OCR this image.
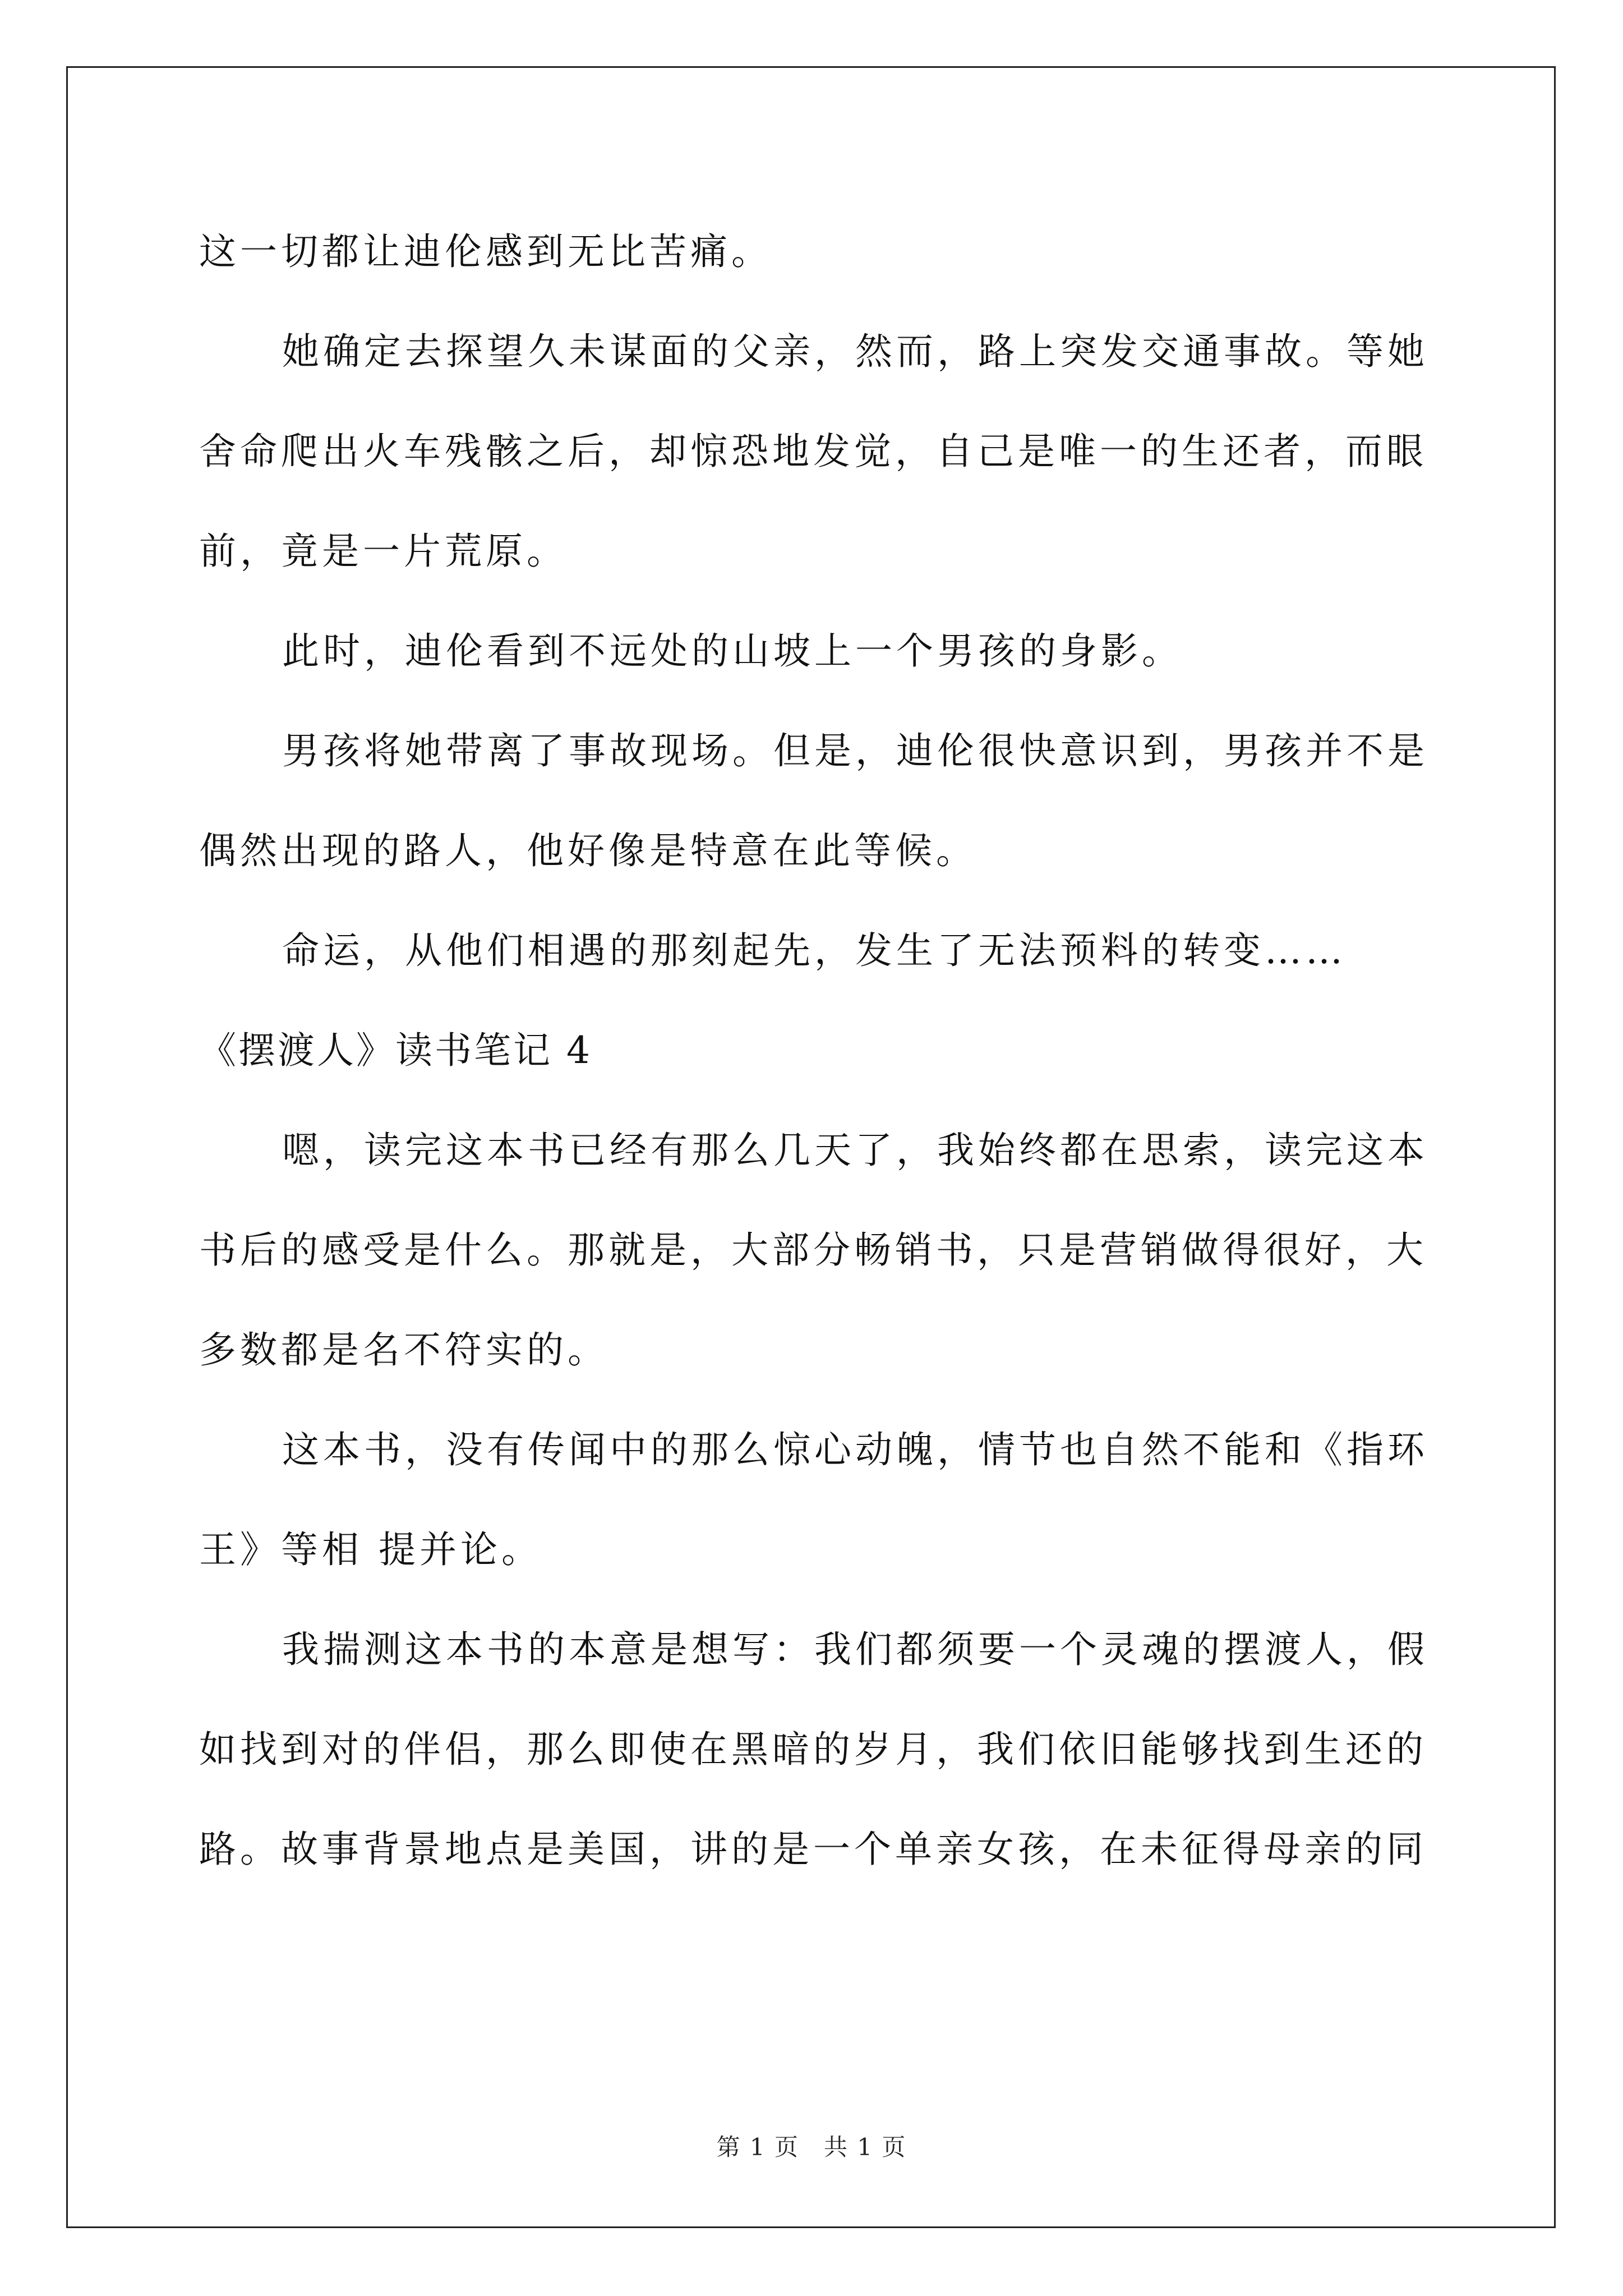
这一切都让迪伦感到无比苦痛。

她确定去探望久未谋面的父亲，然而，路上突发交通事故。等她舍命爬出火车残骸之后，却惊恐地发觉，自己是唯一的生还者，而眼前，竟是一片荒原。

此时，迪伦看到不远处的山坡上一个男孩的身影。

男孩将她带离了事故现场。但是，迪伦很快意识到，男孩并不是偶然出现的路人，他好像是特意在此等候。

命运，从他们相遇的那刻起先，发生了无法预料的转变……

《摆渡人》读书笔记 4

嗯，读完这本书已经有那么几天了，我始终都在思索，读完这本书后的感受是什么。那就是，大部分畅销书，只是营销做得很好，大多数都是名不符实的。

这本书，没有传闻中的那么惊心动魄，情节也自然不能和《指环王》等相 提并论。

我揣测这本书的本意是想写：我们都须要一个灵魂的摆渡人，假如找到对的伴侣，那么即使在黑暗的岁月，我们依旧能够找到生还的路。故事背景地点是美国，讲的是一个单亲女孩，在未征得母亲的同

第 1 页　共 1 页
